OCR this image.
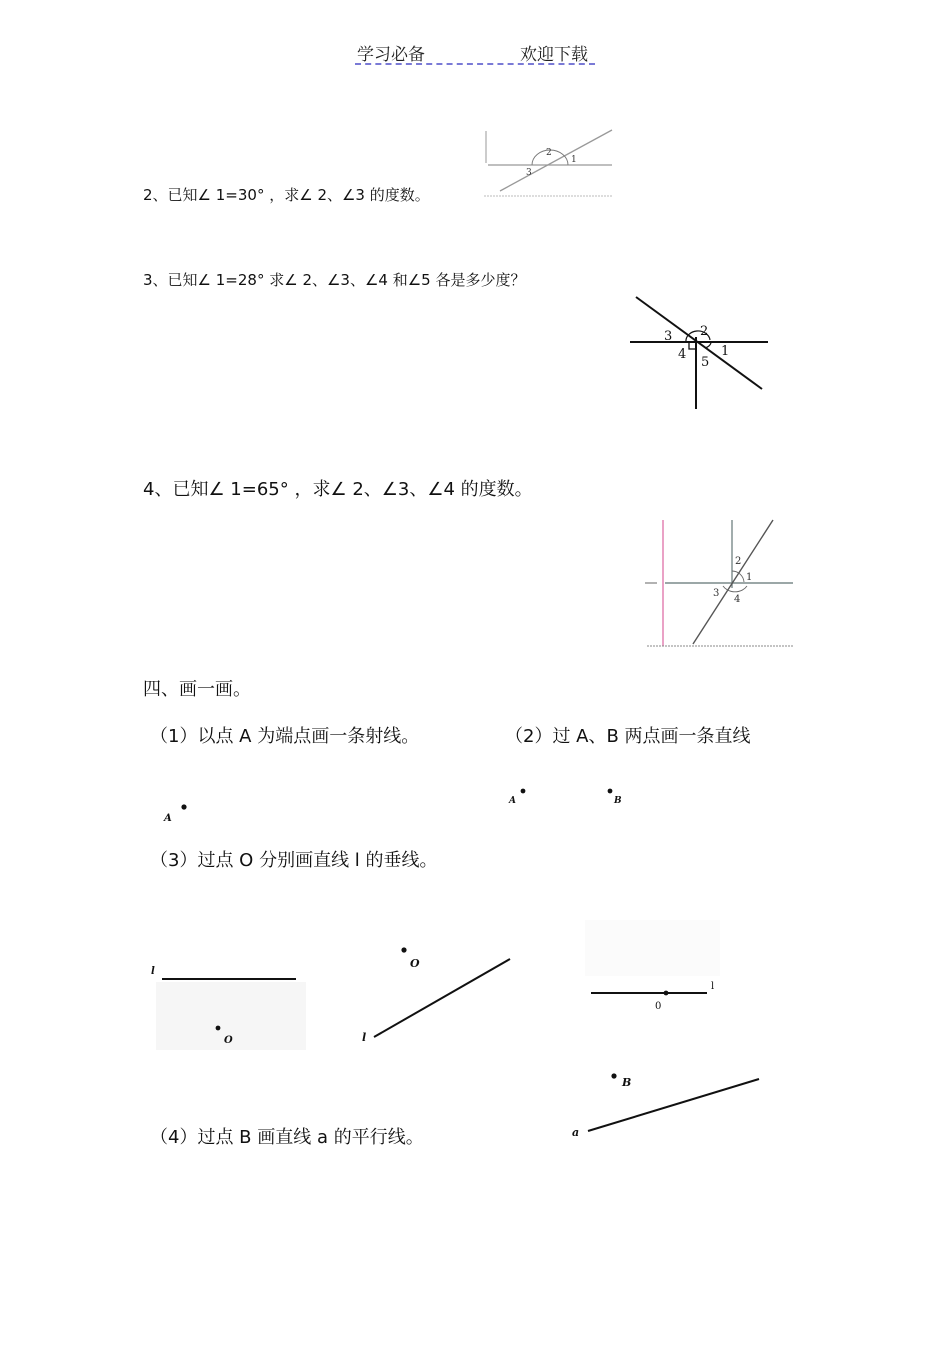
学习必备	欢迎下载
2、已知∠ 1=30° ，求∠ 2、∠3 的度数。
2
1
3
3、已知∠ 1=28° 求∠ 2、∠3、∠4 和∠5 各是多少度？
3 2
4	1
5
4、已知∠ 1=65° ，求∠ 2、∠3、∠4 的度数。
2
1
3
4
四、画一画。
（1）以点 A 为端点画一条射线。	（2）过 A、B 两点画一条直线
A
A	B
（3）过点 O 分别画直线 l 的垂线。
l
O
O
l
0
l
B
a
（4）过点 B 画直线 a 的平行线。
